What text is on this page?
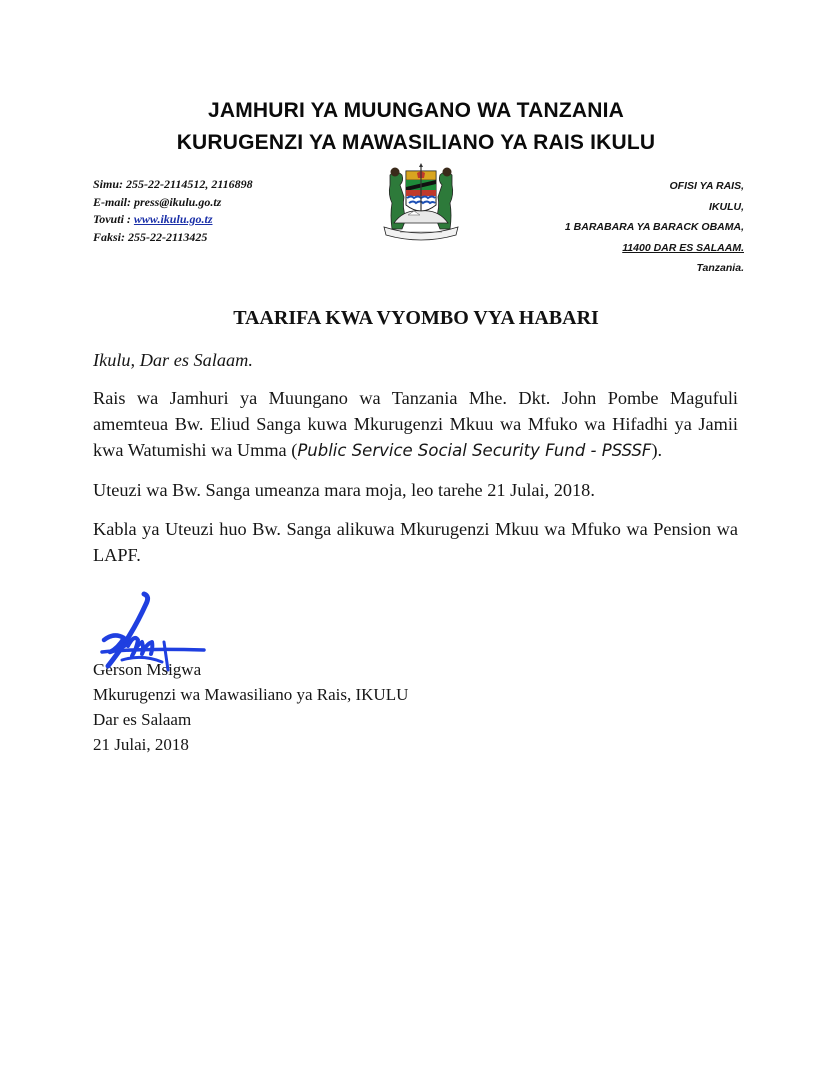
JAMHURI YA MUUNGANO WA TANZANIA
KURUGENZI YA MAWASILIANO YA RAIS IKULU
Simu: 255-22-2114512, 2116898
E-mail: press@ikulu.go.tz
Tovuti : www.ikulu.go.tz
Faksi: 255-22-2113425
OFISI YA RAIS,
IKULU,
1 BARABARA YA BARACK OBAMA,
11400 DAR ES SALAAM.
Tanzania.
TAARIFA KWA VYOMBO VYA HABARI
Ikulu, Dar es Salaam.
Rais wa Jamhuri ya Muungano wa Tanzania Mhe. Dkt. John Pombe Magufuli amemteua Bw. Eliud Sanga kuwa Mkurugenzi Mkuu wa Mfuko wa Hifadhi ya Jamii kwa Watumishi wa Umma (Public Service Social Security Fund - PSSSF).
Uteuzi wa Bw. Sanga umeanza mara moja, leo tarehe 21 Julai, 2018.
Kabla ya Uteuzi huo Bw. Sanga alikuwa Mkurugenzi Mkuu wa Mfuko wa Pension wa LAPF.
Gerson Msigwa
Mkurugenzi wa Mawasiliano ya Rais, IKULU
Dar es Salaam
21 Julai, 2018
